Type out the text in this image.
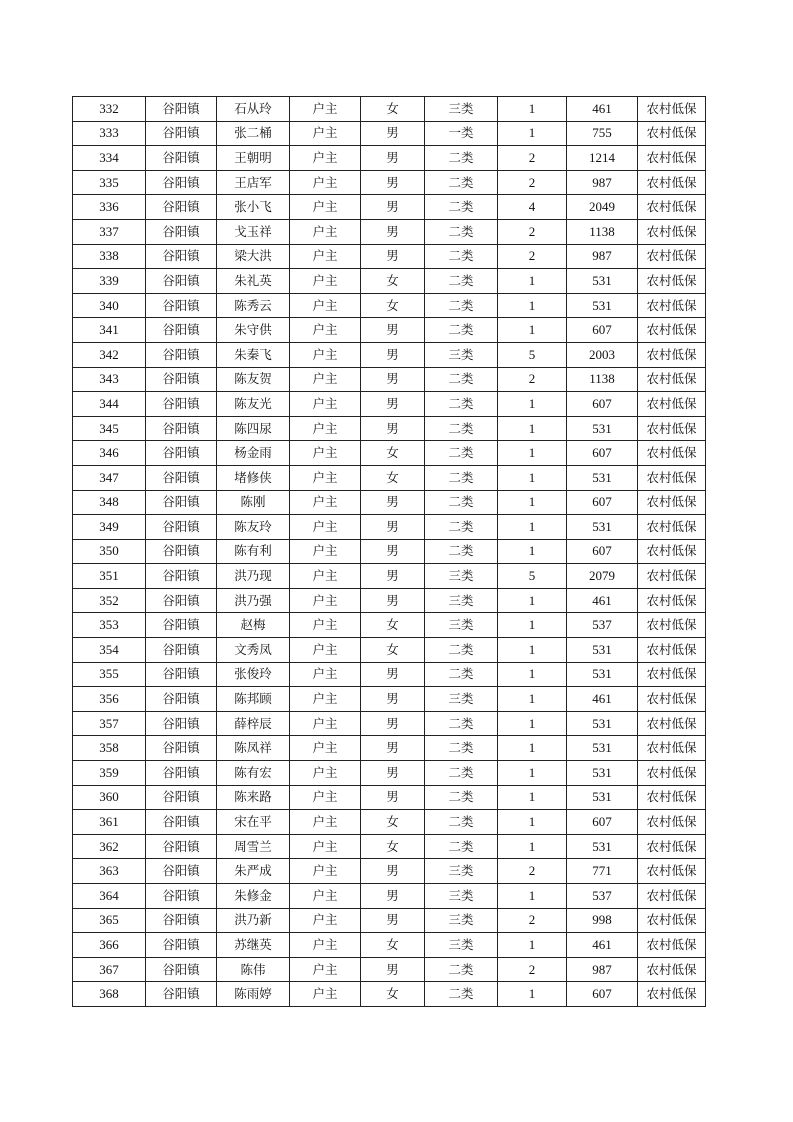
332	谷阳镇	石从玲	户主	女	三类	1	461	农村低保
333	谷阳镇	张二桶	户主	男	一类	1	755	农村低保
334	谷阳镇	王朝明	户主	男	二类	2	1214	农村低保
335	谷阳镇	王店军	户主	男	二类	2	987	农村低保
336	谷阳镇	张小飞	户主	男	二类	4	2049	农村低保
337	谷阳镇	戈玉祥	户主	男	二类	2	1138	农村低保
338	谷阳镇	梁大洪	户主	男	二类	2	987	农村低保
339	谷阳镇	朱礼英	户主	女	二类	1	531	农村低保
340	谷阳镇	陈秀云	户主	女	二类	1	531	农村低保
341	谷阳镇	朱守供	户主	男	二类	1	607	农村低保
342	谷阳镇	朱秦飞	户主	男	三类	5	2003	农村低保
343	谷阳镇	陈友贺	户主	男	二类	2	1138	农村低保
344	谷阳镇	陈友光	户主	男	二类	1	607	农村低保
345	谷阳镇	陈四尿	户主	男	二类	1	531	农村低保
346	谷阳镇	杨金雨	户主	女	二类	1	607	农村低保
347	谷阳镇	堵修侠	户主	女	二类	1	531	农村低保
348	谷阳镇	陈刚	户主	男	二类	1	607	农村低保
349	谷阳镇	陈友玲	户主	男	二类	1	531	农村低保
350	谷阳镇	陈有利	户主	男	二类	1	607	农村低保
351	谷阳镇	洪乃现	户主	男	三类	5	2079	农村低保
352	谷阳镇	洪乃强	户主	男	三类	1	461	农村低保
353	谷阳镇	赵梅	户主	女	三类	1	537	农村低保
354	谷阳镇	文秀凤	户主	女	二类	1	531	农村低保
355	谷阳镇	张俊玲	户主	男	二类	1	531	农村低保
356	谷阳镇	陈邦顾	户主	男	三类	1	461	农村低保
357	谷阳镇	薛梓辰	户主	男	二类	1	531	农村低保
358	谷阳镇	陈凤祥	户主	男	二类	1	531	农村低保
359	谷阳镇	陈有宏	户主	男	二类	1	531	农村低保
360	谷阳镇	陈来路	户主	男	二类	1	531	农村低保
361	谷阳镇	宋在平	户主	女	二类	1	607	农村低保
362	谷阳镇	周雪兰	户主	女	二类	1	531	农村低保
363	谷阳镇	朱严成	户主	男	三类	2	771	农村低保
364	谷阳镇	朱修金	户主	男	三类	1	537	农村低保
365	谷阳镇	洪乃新	户主	男	三类	2	998	农村低保
366	谷阳镇	苏继英	户主	女	三类	1	461	农村低保
367	谷阳镇	陈伟	户主	男	二类	2	987	农村低保
368	谷阳镇	陈雨婷	户主	女	二类	1	607	农村低保
